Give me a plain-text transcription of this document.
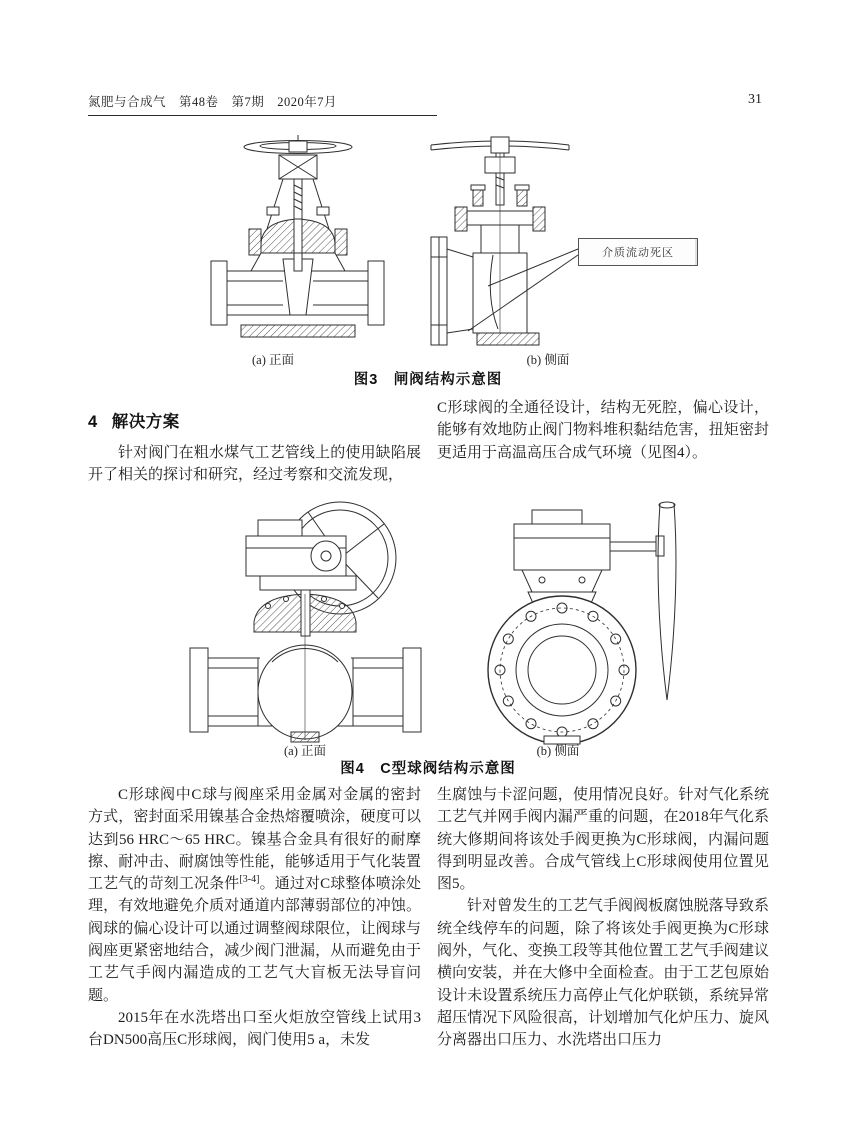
氮肥与合成气　第48卷　第7期　2020年7月	31
介质流动死区
(a) 正面	(b) 侧面
图3　闸阀结构示意图
4 解决方案

针对阀门在粗水煤气工艺管线上的使用缺陷展开了相关的探讨和研究，经过考察和交流发现，

C形球阀的全通径设计，结构无死腔，偏心设计，能够有效地防止阀门物料堆积黏结危害，扭矩密封更适用于高温高压合成气环境（见图4）。

(a) 正面	(b) 侧面
图4　C型球阀结构示意图

C形球阀中C球与阀座采用金属对金属的密封方式，密封面采用镍基合金热熔覆喷涂，硬度可以达到56 HRC～65 HRC。镍基合金具有很好的耐摩擦、耐冲击、耐腐蚀等性能，能够适用于气化装置工艺气的苛刻工况条件[3-4]。通过对C球整体喷涂处理，有效地避免介质对通道内部薄弱部位的冲蚀。阀球的偏心设计可以通过调整阀球限位，让阀球与阀座更紧密地结合，减少阀门泄漏，从而避免由于工艺气手阀内漏造成的工艺气大盲板无法导盲问题。

2015年在水洗塔出口至火炬放空管线上试用3台DN500高压C形球阀，阀门使用5 a，未发

生腐蚀与卡涩问题，使用情况良好。针对气化系统工艺气并网手阀内漏严重的问题，在2018年气化系统大修期间将该处手阀更换为C形球阀，内漏问题得到明显改善。合成气管线上C形球阀使用位置见图5。

针对曾发生的工艺气手阀阀板腐蚀脱落导致系统全线停车的问题，除了将该处手阀更换为C形球阀外，气化、变换工段等其他位置工艺气手阀建议横向安装，并在大修中全面检查。由于工艺包原始设计未设置系统压力高停止气化炉联锁，系统异常超压情况下风险很高，计划增加气化炉压力、旋风分离器出口压力、水洗塔出口压力
